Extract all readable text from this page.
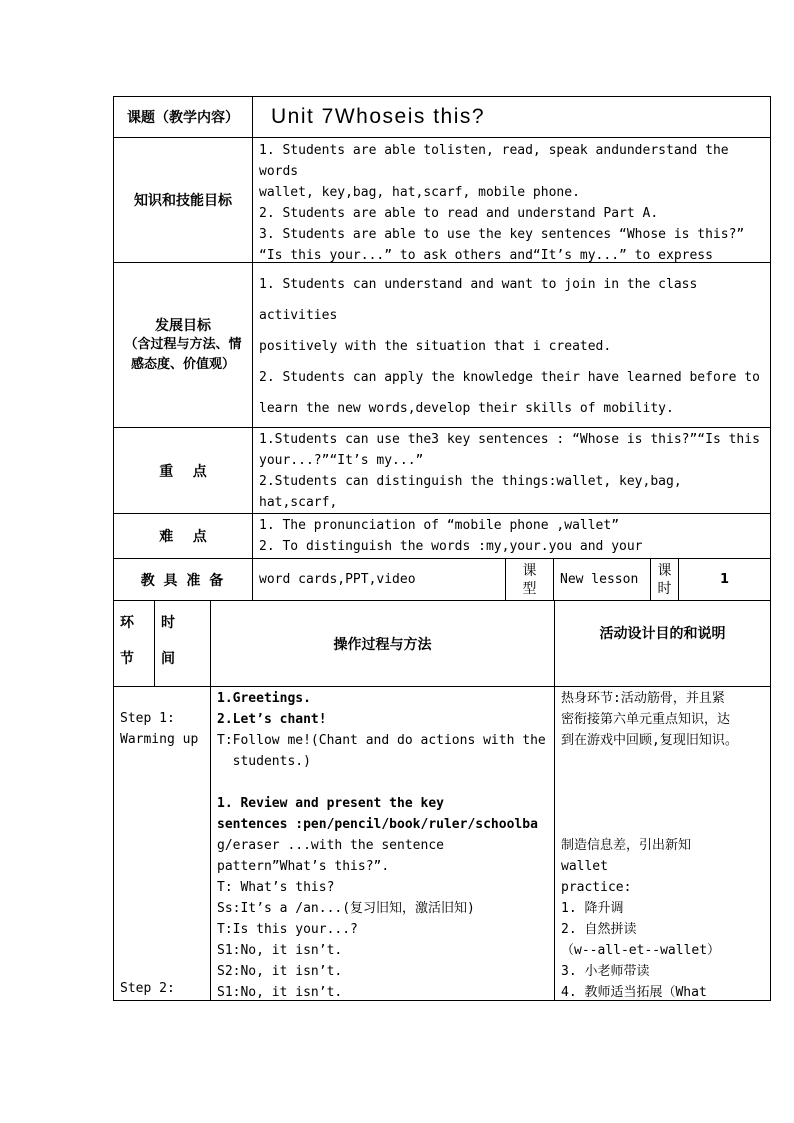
课题（教学内容） Unit 7Whoseis this?
知识和技能目标
1. Students are able tolisten, read, speak andunderstand the words
wallet, key,bag, hat,scarf, mobile phone.
2. Students are able to read and understand Part A.
3. Students are able to use the key sentences “Whose is this?”
“Is this your...” to ask others and“It’s my...” to express
发展目标
（含过程与方法、情感态度、价值观）
1. Students can understand and want to join in the class activities
positively with the situation that i created.
2. Students can apply the knowledge their have learned before to
learn the new words,develop their skills of mobility.
重    点
1.Students can use the3 key sentences : “Whose is this?”“Is this
your...?”“It’s my...”
2.Students can distinguish the things:wallet, key,bag, hat,scarf,
难    点
1. The pronunciation of “mobile phone ,wallet”
2. To distinguish the words :my,your.you and your
教 具 准 备	word cards,PPT,video
课型
New lesson
课时
1
环节
时间
操作过程与方法
活动设计目的和说明
Step 1:
Warming up
Step 2:
1.Greetings.
2.Let’s chant!
T:Follow me!(Chant and do actions with the
students.)
1. Review and present the key
sentences :pen/pencil/book/ruler/schoolba
g/eraser ...with the sentence
pattern”What’s this?”.
T: What’s this?
Ss:It’s a /an...(复习旧知，激活旧知)
T:Is this your...?
S1:No, it isn’t.
S2:No, it isn’t.
S1:No, it isn’t.
热身环节:活动筋骨，并且紧
密衔接第六单元重点知识，达
到在游戏中回顾,复现旧知识。
制造信息差，引出新知
wallet
practice:
1. 降升调
2. 自然拼读
（w--all-et--wallet）
3. 小老师带读
4. 教师适当拓展（What
